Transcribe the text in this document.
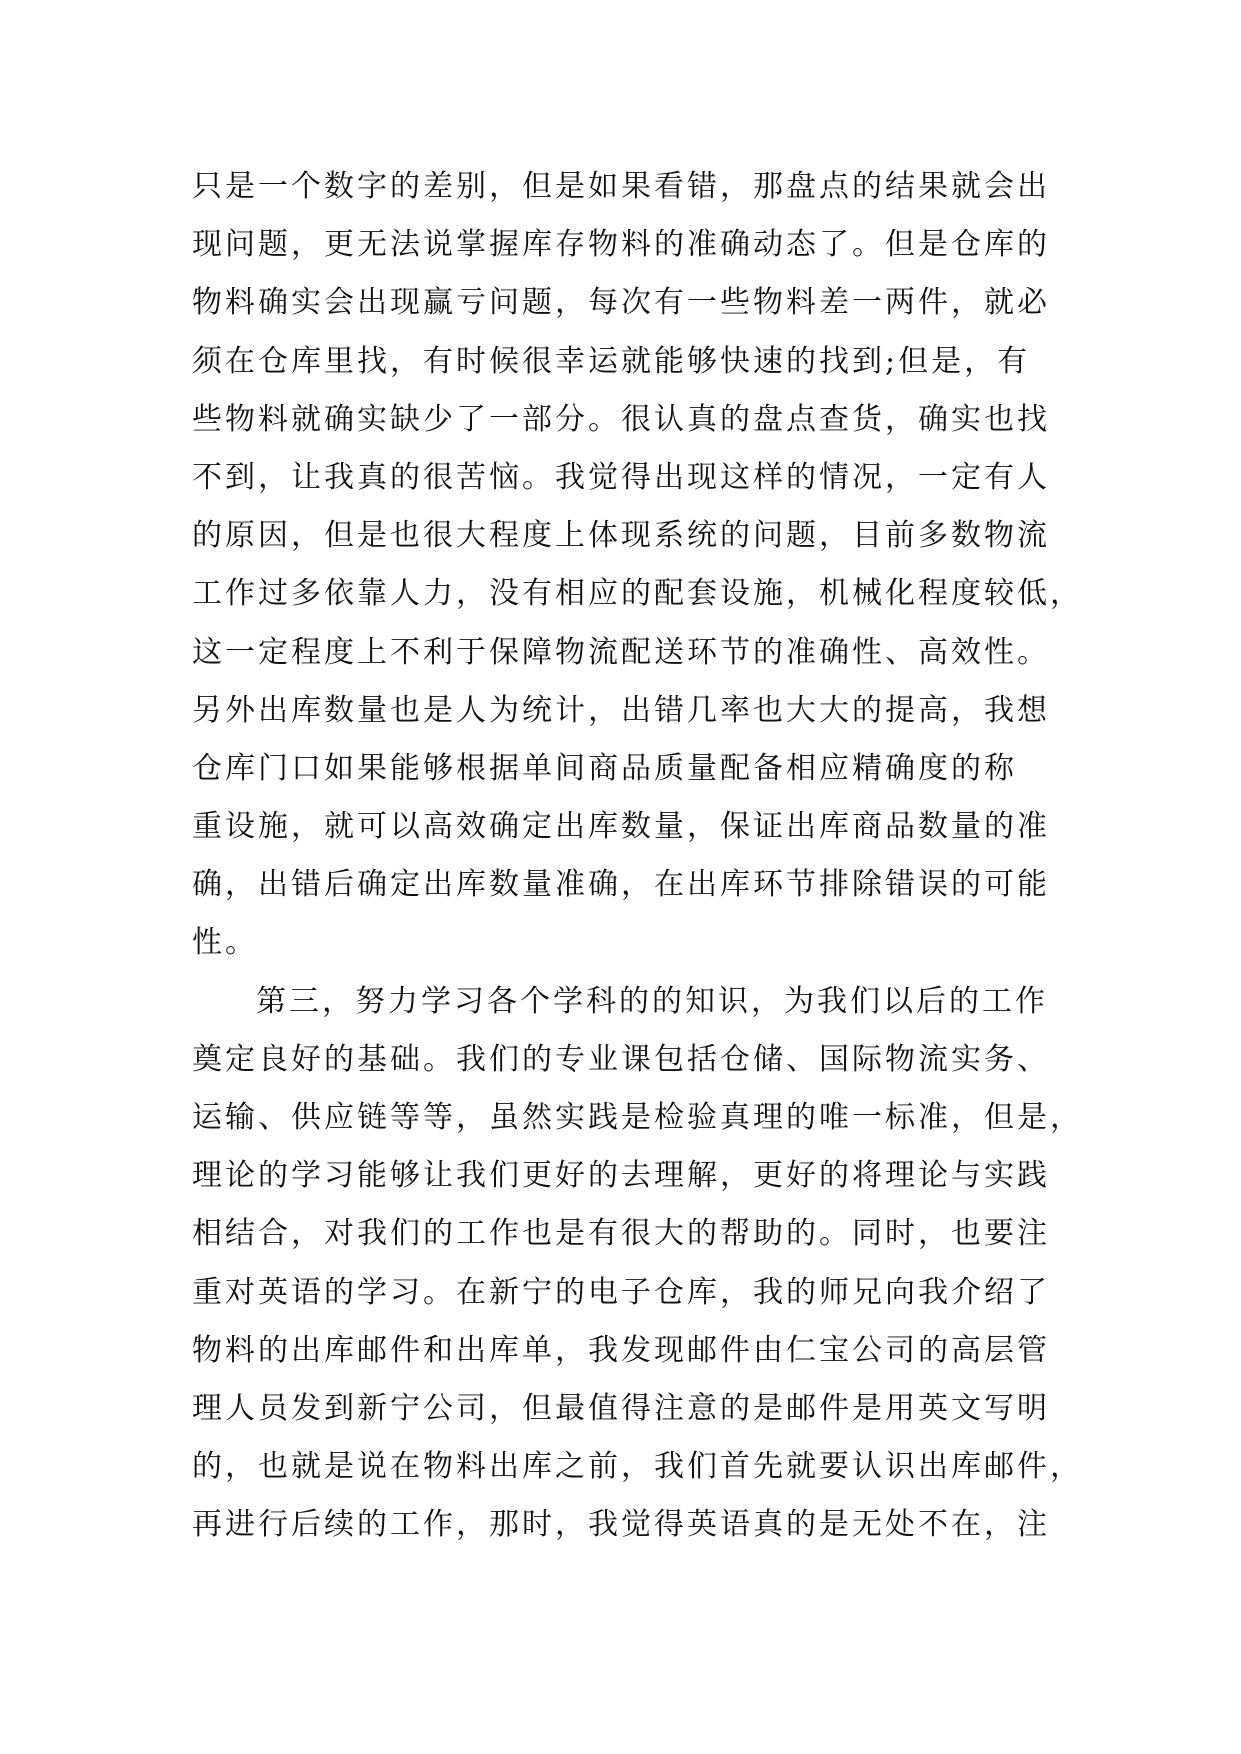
只是一个数字的差别，但是如果看错，那盘点的结果就会出
现问题，更无法说掌握库存物料的准确动态了。但是仓库的
物料确实会出现赢亏问题，每次有一些物料差一两件，就必
须在仓库里找，有时候很幸运就能够快速的找到;但是，有
些物料就确实缺少了一部分。很认真的盘点查货，确实也找
不到，让我真的很苦恼。我觉得出现这样的情况，一定有人
的原因，但是也很大程度上体现系统的问题，目前多数物流
工作过多依靠人力，没有相应的配套设施，机械化程度较低，
这一定程度上不利于保障物流配送环节的准确性、高效性。
另外出库数量也是人为统计，出错几率也大大的提高，我想
仓库门口如果能够根据单间商品质量配备相应精确度的称
重设施，就可以高效确定出库数量，保证出库商品数量的准
确，出错后确定出库数量准确，在出库环节排除错误的可能
性。
第三，努力学习各个学科的的知识，为我们以后的工作
奠定良好的基础。我们的专业课包括仓储、国际物流实务、
运输、供应链等等，虽然实践是检验真理的唯一标准，但是，
理论的学习能够让我们更好的去理解，更好的将理论与实践
相结合，对我们的工作也是有很大的帮助的。同时，也要注
重对英语的学习。在新宁的电子仓库，我的师兄向我介绍了
物料的出库邮件和出库单，我发现邮件由仁宝公司的高层管
理人员发到新宁公司，但最值得注意的是邮件是用英文写明
的，也就是说在物料出库之前，我们首先就要认识出库邮件，
再进行后续的工作，那时，我觉得英语真的是无处不在，注
